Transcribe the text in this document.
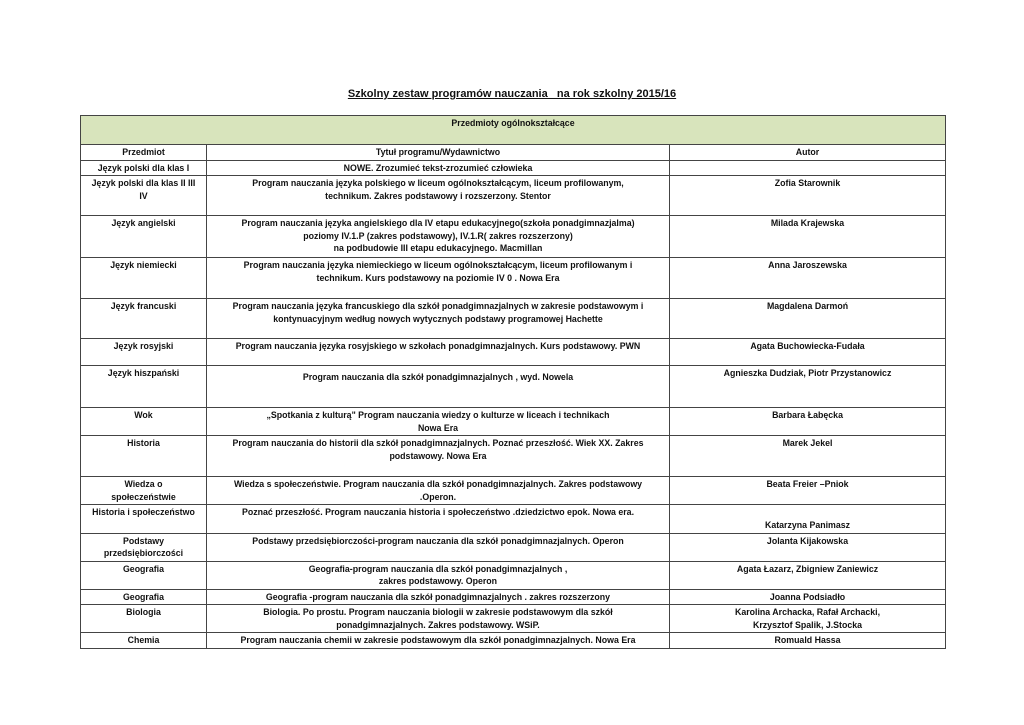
Szkolny zestaw programów nauczania   na rok szkolny 2015/16
Przedmioty ogólnokształcące		
Przedmiot	Tytuł programu/Wydawnictwo	Autor

Język polski dla klas I	NOWE. Zrozumieć tekst-zrozumieć człowieka	

Język polski dla klas II III
IV	Program nauczania języka polskiego w liceum ogólnokształcącym, liceum profilowanym,
technikum. Zakres podstawowy i rozszerzony. Stentor	Zofia Starownik

Język angielski	Program nauczania języka angielskiego dla IV etapu edukacyjnego(szkoła ponadgimnazjalma)
poziomy IV.1.P (zakres podstawowy), IV.1.R( zakres rozszerzony)
na podbudowie III etapu edukacyjnego. Macmillan	Milada Krajewska

Język niemiecki	Program nauczania języka niemieckiego w liceum ogólnokształcącym, liceum profilowanym i
technikum. Kurs podstawowy na poziomie IV 0 . Nowa Era	Anna Jaroszewska

Język francuski	Program nauczania języka francuskiego dla szkół ponadgimnazjalnych w zakresie podstawowym i
kontynuacyjnym według nowych wytycznych podstawy programowej Hachette	Magdalena Darmoń

Język rosyjski	Program nauczania języka rosyjskiego w szkołach ponadgimnazjalnych. Kurs podstawowy. PWN	Agata Buchowiecka-Fudała

Język hiszpański	Program nauczania dla szkół ponadgimnazjalnych , wyd. Nowela	Agnieszka Dudziak, Piotr Przystanowicz

Wok	„Spotkania z kulturą" Program nauczania wiedzy o kulturze w liceach i technikach
Nowa Era	Barbara Łabęcka

Historia	Program nauczania do historii dla szkół ponadgimnazjalnych. Poznać przeszłość. Wiek XX. Zakres
podstawowy. Nowa Era	Marek Jekel

Wiedza o
społeczeństwie	Wiedza s społeczeństwie. Program nauczania dla szkół ponadgimnazjalnych. Zakres podstawowy
.Operon.	Beata Freier –Pniok

Historia i społeczeństwo	Poznać przeszłość. Program nauczania historia i społeczeństwo .dziedzictwo epok. Nowa era.	Katarzyna Panimasz

Podstawy
przedsiębiorczości	Podstawy przedsiębiorczości-program nauczania dla szkół ponadgimnazjalnych. Operon	Jolanta Kijakowska

Geografia	Geografia-program nauczania dla szkół ponadgimnazjalnych ,
zakres podstawowy. Operon	Agata Łazarz, Zbigniew Zaniewicz

Geografia	Geografia -program nauczania dla szkół ponadgimnazjalnych . zakres rozszerzony	Joanna Podsiadło

Biologia	Biologia. Po prostu. Program nauczania biologii w zakresie podstawowym dla szkół
ponadgimnazjalnych. Zakres podstawowy. WSiP.	Karolina Archacka, Rafał Archacki,
Krzysztof Spalik, J.Stocka

Chemia	Program nauczania chemii w zakresie podstawowym dla szkół ponadgimnazjalnych. Nowa Era	Romuald Hassa
